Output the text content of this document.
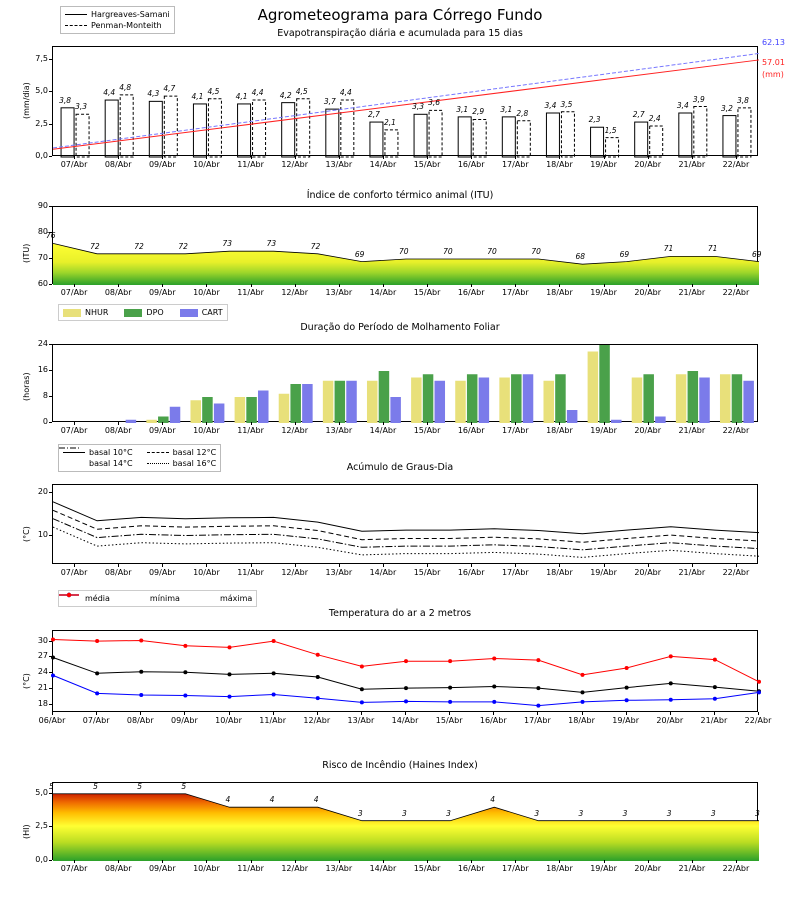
Agrometeograma para Córrego Fundo
Evapotranspiração diária e acumulada para 15 dias
(mm/dia)
0,0
2,5
5,0
7,5
07/Abr	08/Abr	09/Abr	10/Abr	11/Abr	12/Abr	13/Abr	14/Abr	15/Abr	16/Abr	17/Abr	18/Abr	19/Abr	20/Abr	21/Abr	22/Abr
3,8
3,3
4,4
4,8
4,3
4,7
4,1
4,5
4,1 4,4 4,2 4,5
3,7
4,4
2,7
2,1
3,3 3,6
3,1 2,9 3,1 2,8
3,4 3,5
2,3
1,5
2,7 2,4
3,4
3,9
3,2
3,8
62.13
57.01
(mm)
Hargreaves-Samani
Penman-Monteith
Índice de conforto térmico animal (ITU)
(ITU)
60
70
80
90
07/Abr	08/Abr	09/Abr	10/Abr	11/Abr	12/Abr	13/Abr	14/Abr	15/Abr	16/Abr	17/Abr	18/Abr	19/Abr	20/Abr	21/Abr	22/Abr
76
72	72	72	73	73	72
69	70	70	70	70
68	69
71	71
69
Duração do Período de Molhamento Foliar
(horas)
0
8
16
24
07/Abr	08/Abr	09/Abr	10/Abr	11/Abr	12/Abr	13/Abr	14/Abr	15/Abr	16/Abr	17/Abr	18/Abr	19/Abr	20/Abr	21/Abr	22/Abr
NHUR	DPO	CART
Acúmulo de Graus-Dia
(°C) 10
20
07/Abr	08/Abr	09/Abr	10/Abr	11/Abr	12/Abr	13/Abr	14/Abr	15/Abr	16/Abr	17/Abr	18/Abr	19/Abr	20/Abr	21/Abr	22/Abr
basal 10°C	basal 12°C
basal 14°C	basal 16°C
Temperatura do ar a 2 metros
(°C)
18
21
24
27
30
06/Abr	07/Abr	08/Abr	09/Abr	10/Abr	11/Abr	12/Abr	13/Abr	14/Abr	15/Abr	16/Abr	17/Abr	18/Abr	19/Abr	20/Abr	21/Abr	22/Abr
média	mínima	máxima
Risco de Incêndio (Haines Index)
(HI)
0,0
2,5
5,0
07/Abr	08/Abr	09/Abr	10/Abr	11/Abr	12/Abr	13/Abr	14/Abr	15/Abr	16/Abr	17/Abr	18/Abr	19/Abr	20/Abr	21/Abr	22/Abr
5	5	5	5
4	4	4
3	3	3
4
3	3	3	3	3	3
